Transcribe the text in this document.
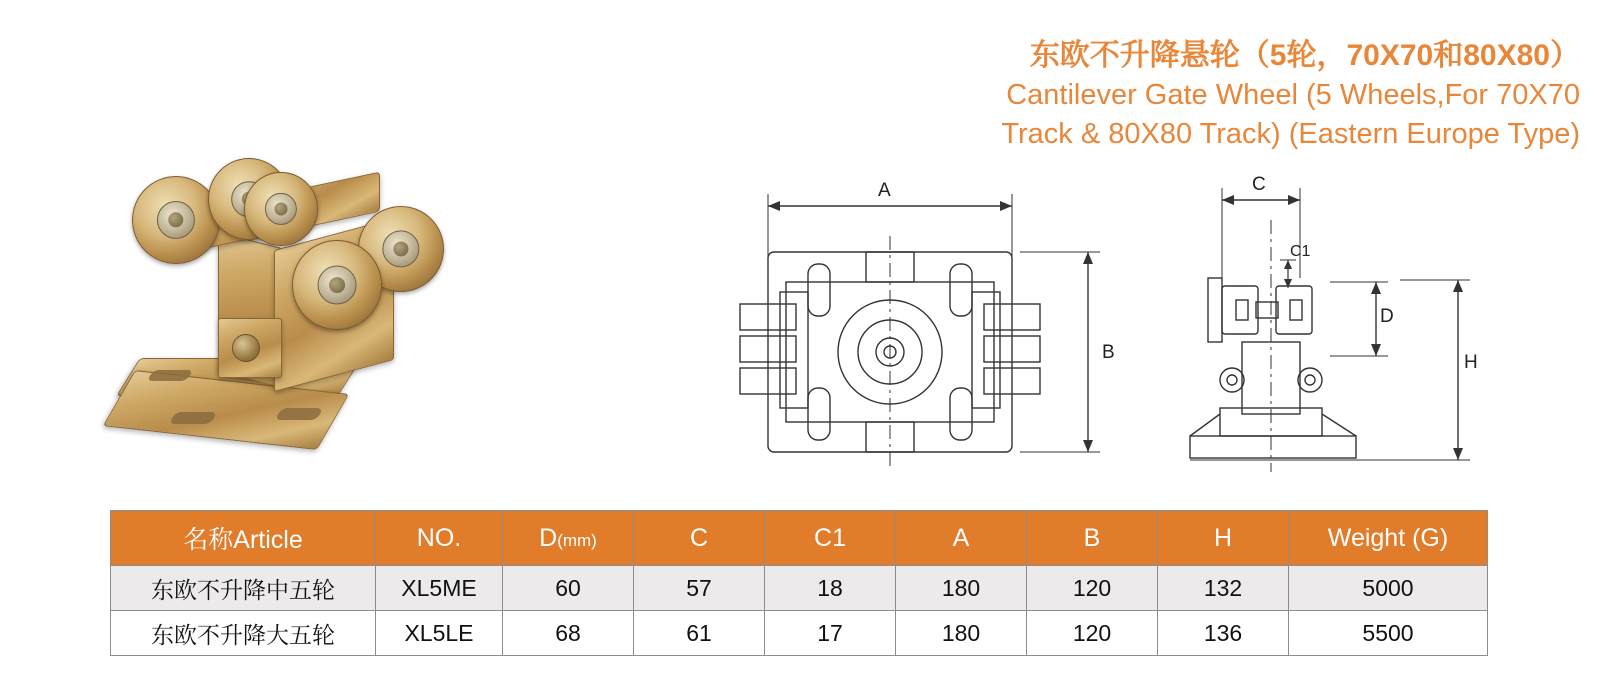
东欧不升降悬轮（5轮，70X70和80X80）
Cantilever Gate Wheel (5 Wheels,For 70X70
Track & 80X80 Track) (Eastern Europe Type)
A
B
C
C1
D
H
名称Article	NO.	D(mm)	C	C1	A	B	H	Weight (G)
东欧不升降中五轮	XL5ME	60	57	18	180	120	132	5000
东欧不升降大五轮	XL5LE	68	61	17	180	120	136	5500
